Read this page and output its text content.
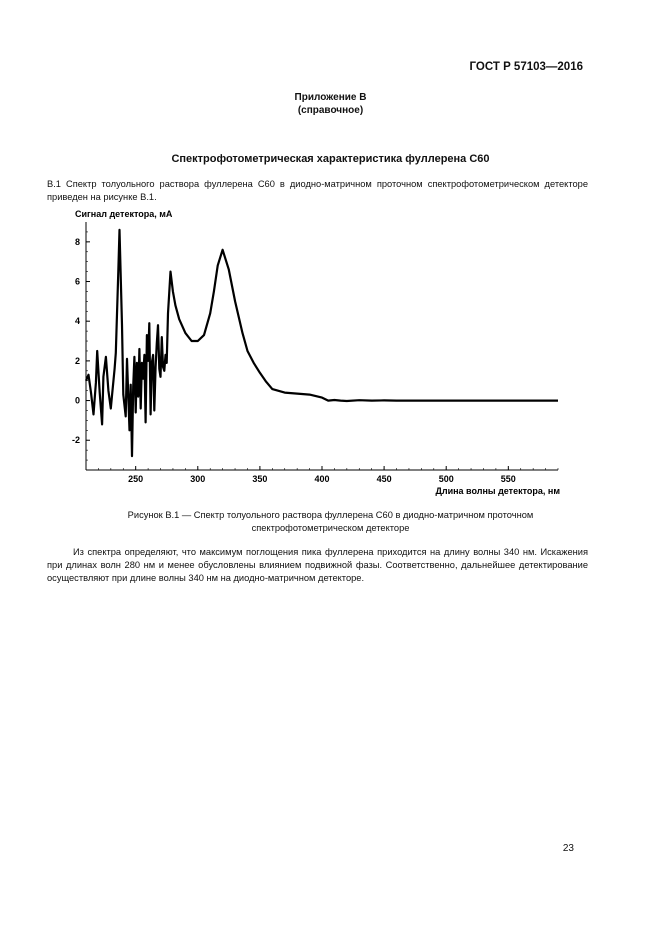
ГОСТ Р 57103—2016
Приложение В
(справочное)
Спектрофотометрическая характеристика фуллерена С60
В.1 Спектр толуольного раствора фуллерена С60 в диодно-матричном проточном спектрофотометрическом детекторе приведен на рисунке В.1.
-2
0
2
4
6
8
250	300	350	400	450	500	550
Сигнал детектора, мА
Длина волны детектора, нм
Рисунок В.1 — Спектр толуольного раствора фуллерена С60 в диодно-матричном проточном
спектрофотометрическом детекторе
Из спектра определяют, что максимум поглощения пика фуллерена приходится на длину волны 340 нм. Искажения при длинах волн 280 нм и менее обусловлены влиянием подвижной фазы. Соответственно, дальнейшее детектирование осуществляют при длине волны 340 нм на диодно-матричном детекторе.
23
